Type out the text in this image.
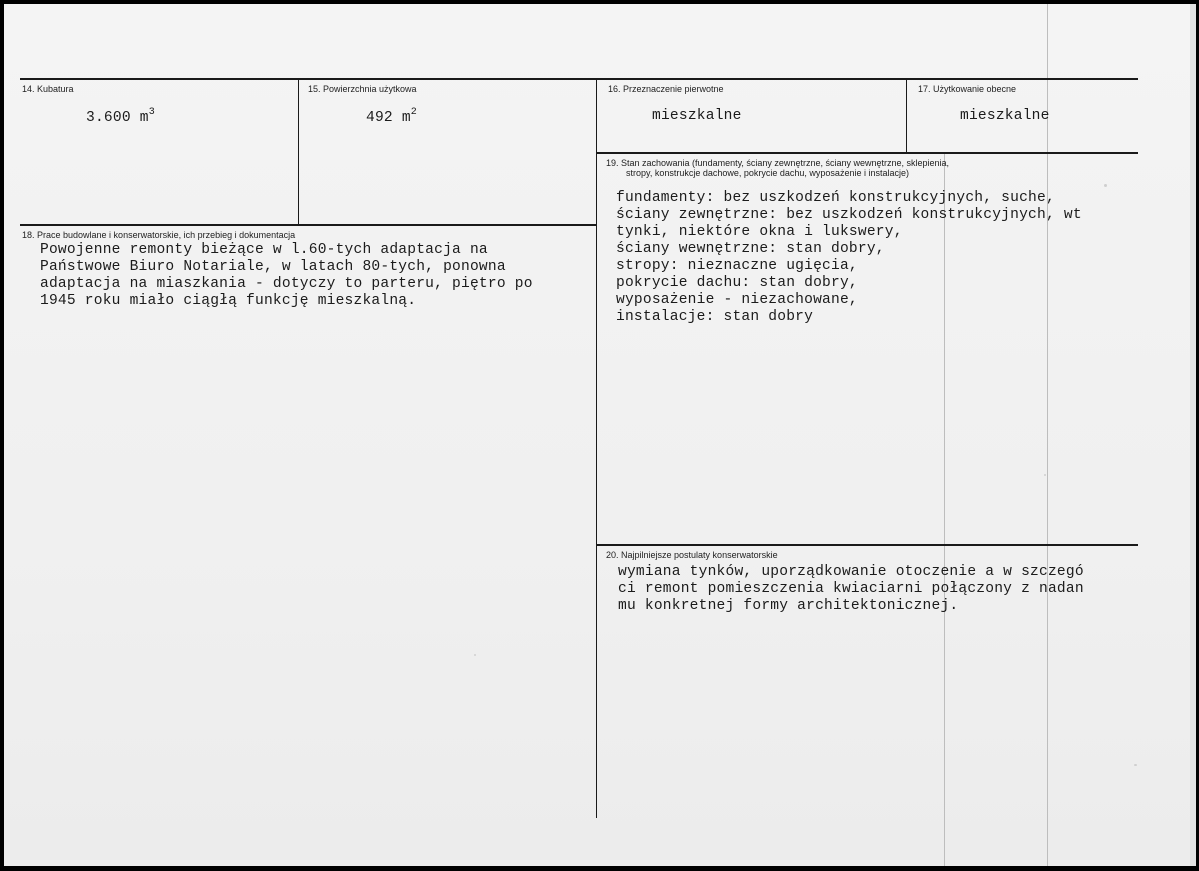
14. Kubatura
3.600 $m^3$
15. Powierzchnia użytkowa
492 $m^2$
16. Przeznaczenie pierwotne
mieszkalne
17. Użytkowanie obecne
mieszkalne
18. Prace budowlane i konserwatorskie, ich przebieg i dokumentacja
Powojenne remonty bieżące w l.60-tych adaptacja na
Państwowe Biuro Notariale, w latach 80-tych, ponowna
adaptacja na miaszkania - dotyczy to parteru, piętro po
1945 roku miało ciągłą funkcję mieszkalną.
19. Stan zachowania (fundamenty, ściany zewnętrzne, ściany wewnętrzne, sklepienia,
stropy, konstrukcje dachowe, pokrycie dachu, wyposażenie i instalacje)
fundamenty: bez uszkodzeń konstrukcyjnych, suche,
ściany zewnętrzne: bez uszkodzeń konstrukcyjnych, wt
tynki, niektóre okna i lukswery,
ściany wewnętrzne: stan dobry,
stropy: nieznaczne ugięcia,
pokrycie dachu: stan dobry,
wyposażenie - niezachowane,
instalacje: stan dobry
20. Najpilniejsze postulaty konserwatorskie
wymiana tynków, uporządkowanie otoczenie a w szczegó
ci remont pomieszczenia kwiaciarni połączony z nadan
mu konkretnej formy architektonicznej.
